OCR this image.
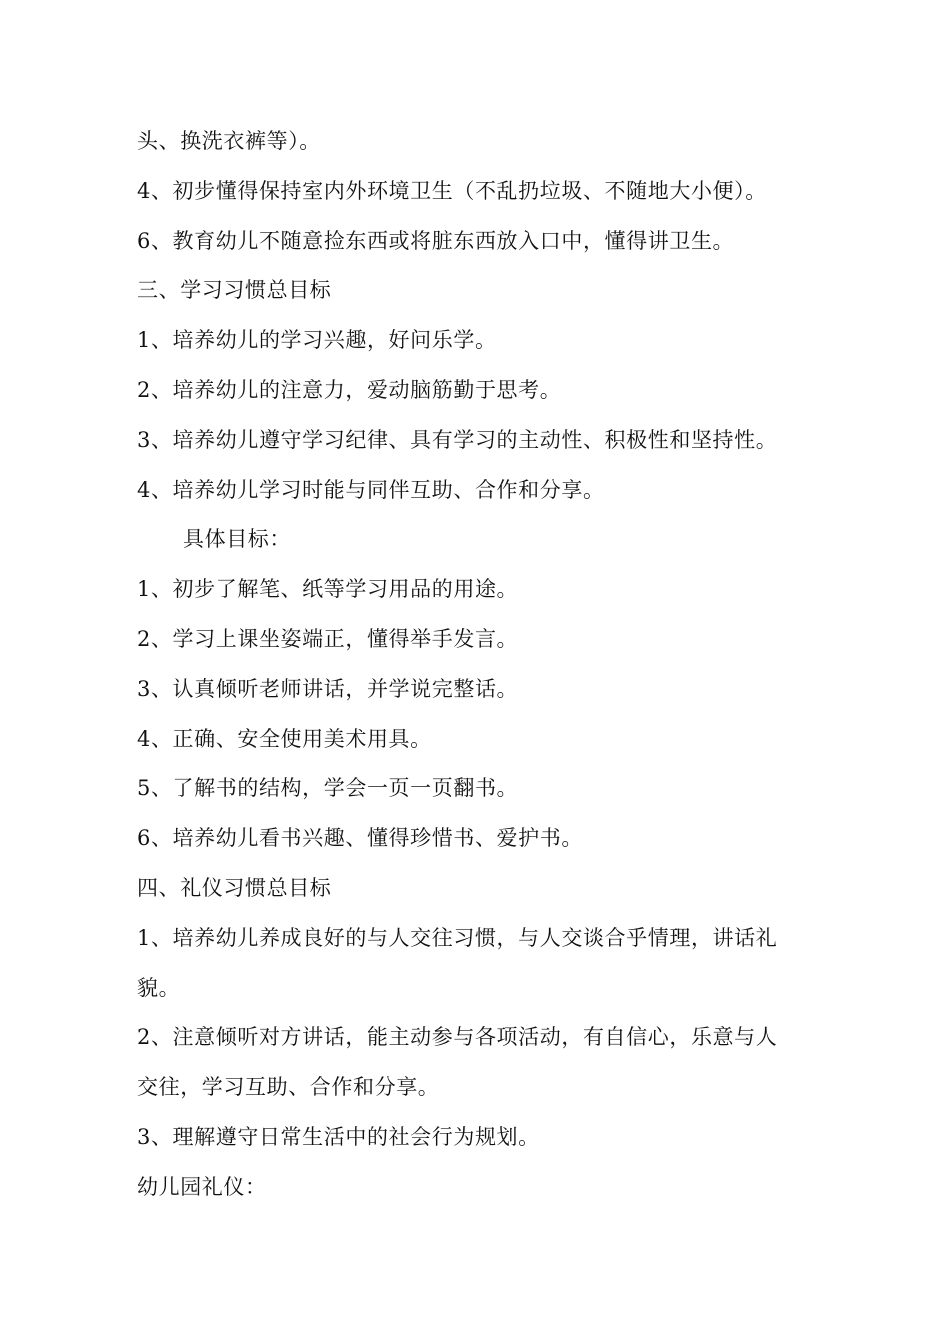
头、换洗衣裤等）。
4、初步懂得保持室内外环境卫生（不乱扔垃圾、不随地大小便）。
6、教育幼儿不随意捡东西或将脏东西放入口中，懂得讲卫生。
三、学习习惯总目标
1、培养幼儿的学习兴趣，好问乐学。
2、培养幼儿的注意力，爱动脑筋勤于思考。
3、培养幼儿遵守学习纪律、具有学习的主动性、积极性和坚持性。
4、培养幼儿学习时能与同伴互助、合作和分享。
具体目标：
1、初步了解笔、纸等学习用品的用途。
2、学习上课坐姿端正，懂得举手发言。
3、认真倾听老师讲话，并学说完整话。
4、正确、安全使用美术用具。
5、了解书的结构，学会一页一页翻书。
6、培养幼儿看书兴趣、懂得珍惜书、爱护书。
四、礼仪习惯总目标
1、培养幼儿养成良好的与人交往习惯，与人交谈合乎情理，讲话礼
貌。
2、注意倾听对方讲话，能主动参与各项活动，有自信心，乐意与人
交往，学习互助、合作和分享。
3、理解遵守日常生活中的社会行为规划。
幼儿园礼仪：
